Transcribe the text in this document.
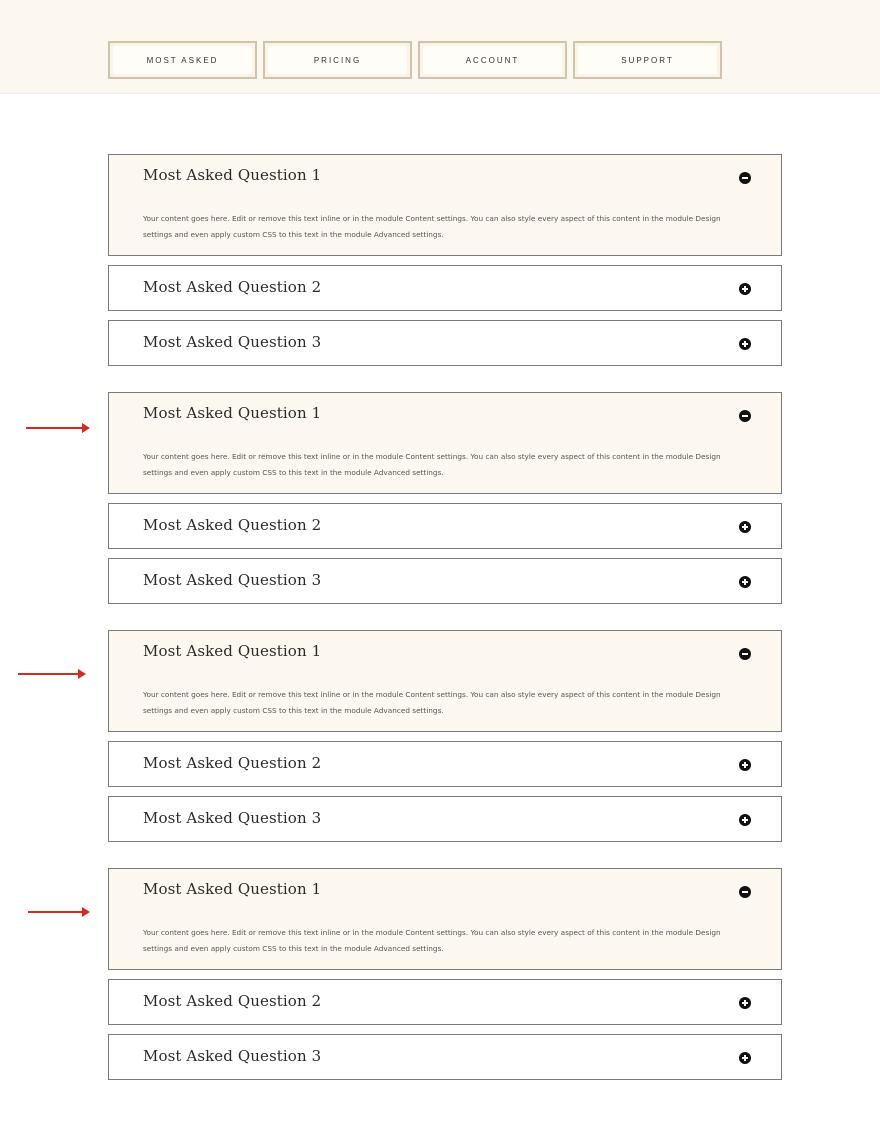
MOST ASKED	PRICING	ACCOUNT	SUPPORT
Most Asked Question 1
Your content goes here. Edit or remove this text inline or in the module Content settings. You can also style every aspect of this content in the module Design settings and even apply custom CSS to this text in the module Advanced settings.
Most Asked Question 2
Most Asked Question 3
Most Asked Question 1
Your content goes here. Edit or remove this text inline or in the module Content settings. You can also style every aspect of this content in the module Design settings and even apply custom CSS to this text in the module Advanced settings.
Most Asked Question 2
Most Asked Question 3
Most Asked Question 1
Your content goes here. Edit or remove this text inline or in the module Content settings. You can also style every aspect of this content in the module Design settings and even apply custom CSS to this text in the module Advanced settings.
Most Asked Question 2
Most Asked Question 3
Most Asked Question 1
Your content goes here. Edit or remove this text inline or in the module Content settings. You can also style every aspect of this content in the module Design settings and even apply custom CSS to this text in the module Advanced settings.
Most Asked Question 2
Most Asked Question 3
